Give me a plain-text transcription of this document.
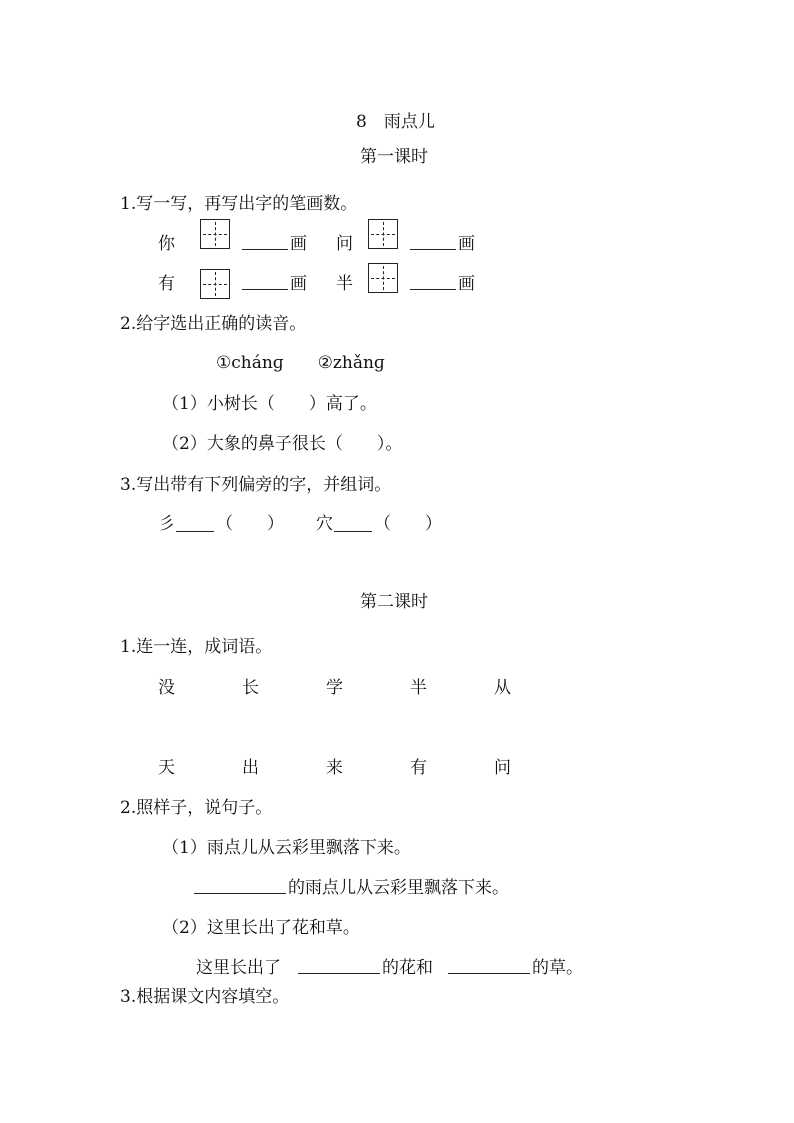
8　雨点儿
第一课时
1.写一写，再写出字的笔画数。
你	画 问	画
有	画 半	画
2.给字选出正确的读音。
①chánɡ　　②zhǎnɡ
（1）小树长（　　）高了。
（2）大象的鼻子很长（　　）。
3.写出带有下列偏旁的字，并组词。
彡 （　　） 穴 （　　）
第二课时
1.连一连，成词语。
没	长	学	半	从
天	出	来	有	问
2.照样子，说句子。
（1）雨点儿从云彩里飘落下来。
的雨点儿从云彩里飘落下来。
（2）这里长出了花和草。
这里长出了	的花和	的草。
3.根据课文内容填空。
